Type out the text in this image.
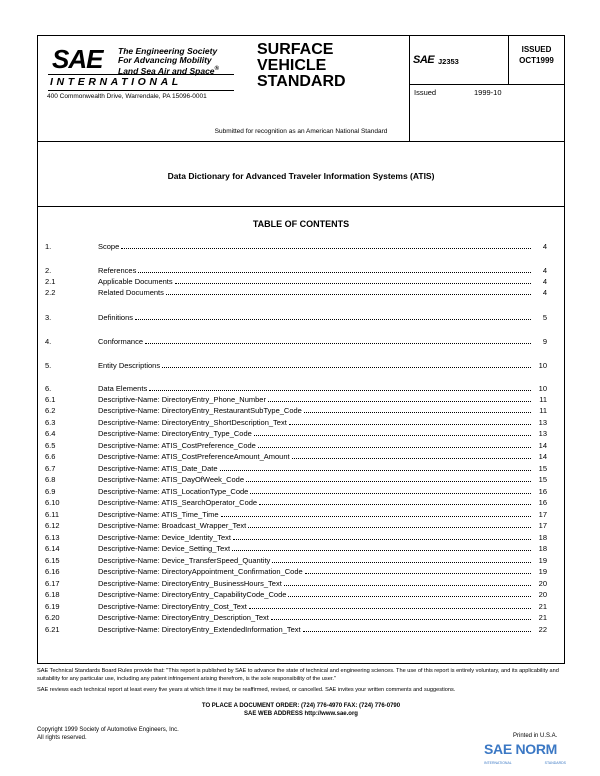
SAE The Engineering Society
For Advancing Mobility
Land Sea Air and Space®
INTERNATIONAL
400 Commonwealth Drive, Warrendale, PA 15096-0001
SURFACE
VEHICLE
STANDARD
SAE J2353
ISSUED
OCT1999
Issued	1999-10
Submitted for recognition as an American National Standard
Data Dictionary for Advanced Traveler Information Systems (ATIS)
TABLE OF CONTENTS
1.	Scope	4
2.	References	4
2.1	Applicable Documents	4
2.2	Related Documents	4
3.	Definitions	5
4.	Conformance	9
5.	Entity Descriptions	10
6.	Data Elements	10
6.1	Descriptive-Name: DirectoryEntry_Phone_Number	11
6.2	Descriptive-Name: DirectoryEntry_RestaurantSubType_Code	11
6.3	Descriptive-Name: DirectoryEntry_ShortDescription_Text	13
6.4	Descriptive-Name: DirectoryEntry_Type_Code	13
6.5	Descriptive-Name: ATIS_CostPreference_Code	14
6.6	Descriptive-Name: ATIS_CostPreferenceAmount_Amount	14
6.7	Descriptive-Name: ATIS_Date_Date	15
6.8	Descriptive-Name: ATIS_DayOfWeek_Code	15
6.9	Descriptive-Name: ATIS_LocationType_Code	16
6.10	Descriptive-Name: ATIS_SearchOperator_Code	16
6.11	Descriptive-Name: ATIS_Time_Time	17
6.12	Descriptive-Name: Broadcast_Wrapper_Text	17
6.13	Descriptive-Name: Device_Identity_Text	18
6.14	Descriptive-Name: Device_Setting_Text	18
6.15	Descriptive-Name: Device_TransferSpeed_Quantity	19
6.16	Descriptive-Name: DirectoryAppointment_Confirmation_Code	19
6.17	Descriptive-Name: DirectoryEntry_BusinessHours_Text	20
6.18	Descriptive-Name: DirectoryEntry_CapabilityCode_Code	20
6.19	Descriptive-Name: DirectoryEntry_Cost_Text	21
6.20	Descriptive-Name: DirectoryEntry_Description_Text	21
6.21	Descriptive-Name: DirectoryEntry_ExtendedInformation_Text	22
SAE Technical Standards Board Rules provide that: "This report is published by SAE to advance the state of technical and engineering sciences. The use of this report is entirely voluntary, and its applicability and suitability for any particular use, including any patent infringement arising therefrom, is the sole responsibility of the user."
SAE reviews each technical report at least every five years at which time it may be reaffirmed, revised, or cancelled. SAE invites your written comments and suggestions.
TO PLACE A DOCUMENT ORDER: (724) 776-4970 FAX: (724) 776-0790
SAE WEB ADDRESS http://www.sae.org
Copyright 1999 Society of Automotive Engineers, Inc.
All rights reserved.	Printed in U.S.A.
SAE NORM
INTERNATIONAL	STANDARDS
